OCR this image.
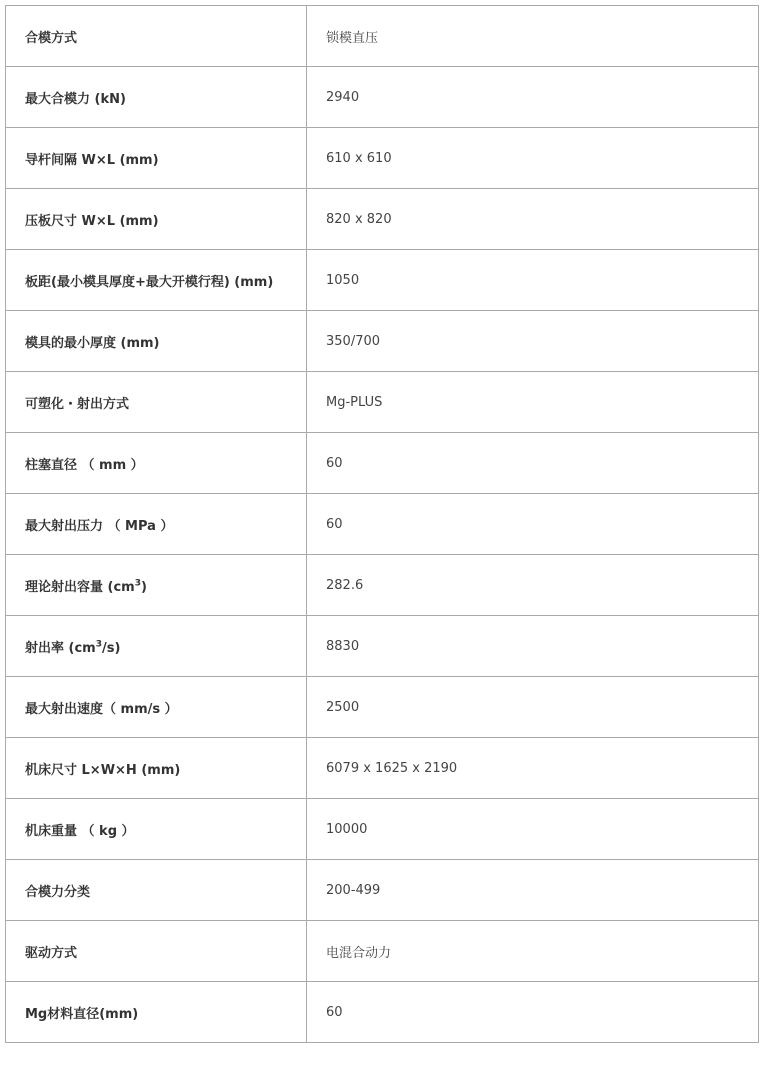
合模方式	锁模直压
最大合模力 (kN)	2940
导杆间隔 W×L (mm)	610 x 610
压板尺寸 W×L (mm)	820 x 820
板距(最小模具厚度+最大开模行程) (mm)	1050
模具的最小厚度 (mm)	350/700
可塑化・射出方式	Mg-PLUS
柱塞直径 （ mm ）	60
最大射出压力 （ MPa ）	60
理论射出容量 $(cm^3)$	282.6
射出率 $(cm^3/s)$	8830
最大射出速度（ mm/s ）	2500
机床尺寸 L×W×H (mm)	6079 x 1625 x 2190
机床重量 （ kg ）	10000
合模力分类	200-499
驱动方式	电混合动力
Mg材料直径(mm)	60
